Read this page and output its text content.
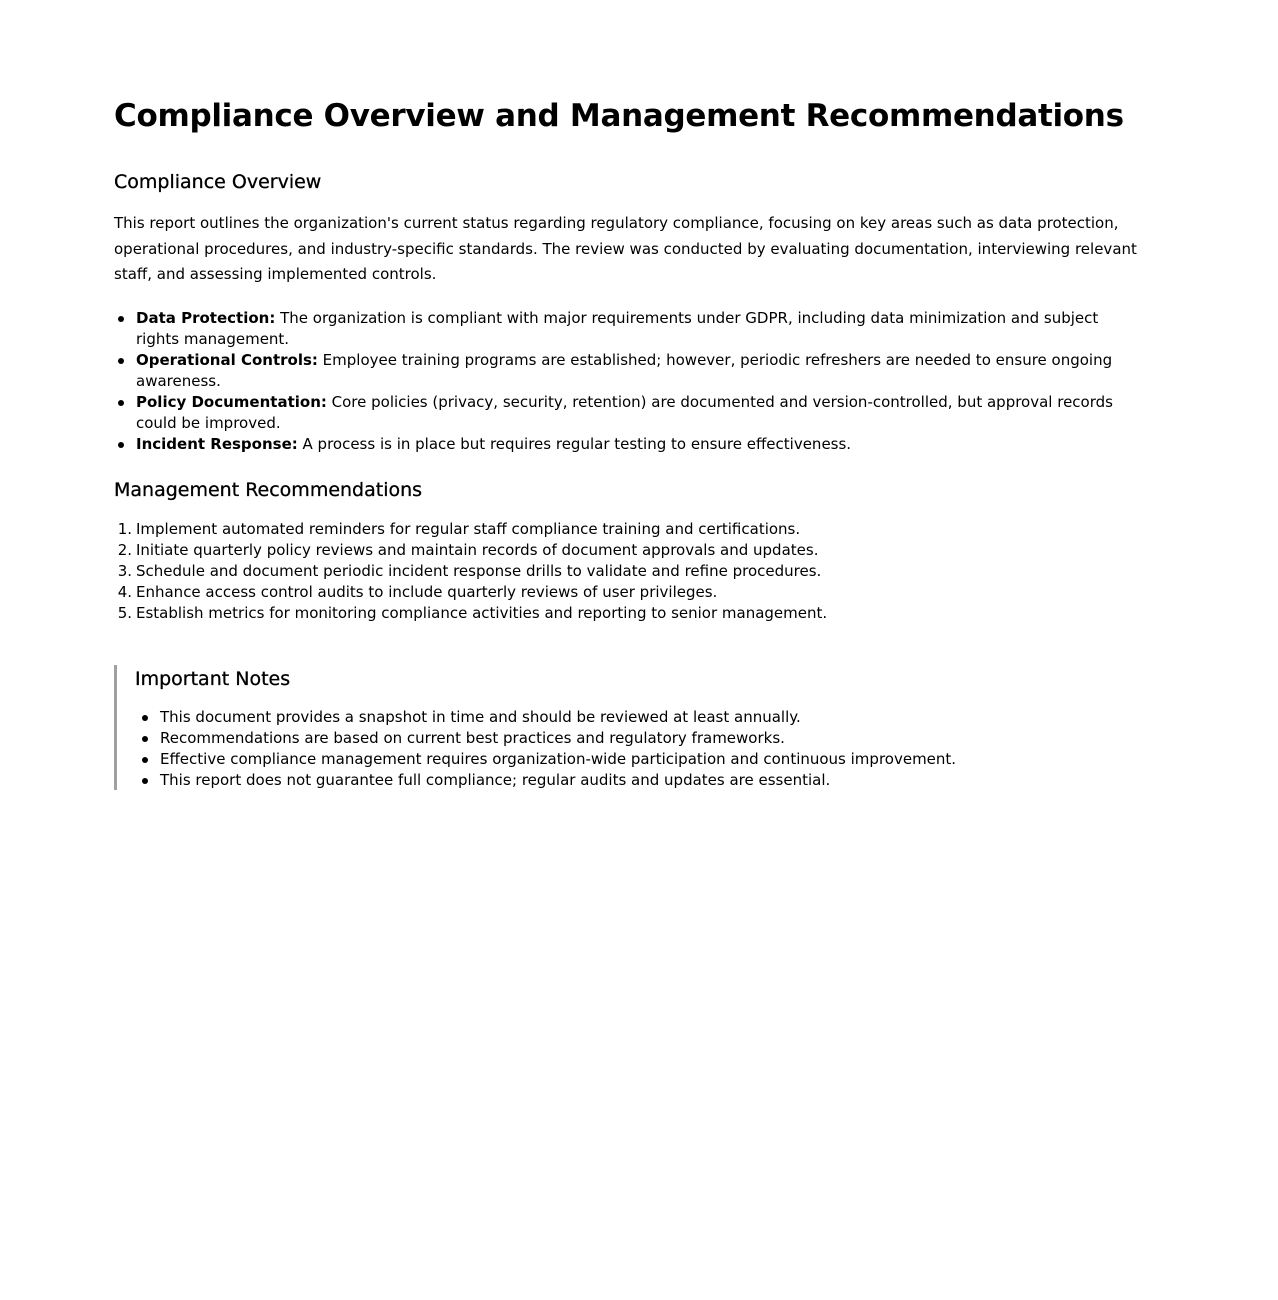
Compliance Overview and Management Recommendations
Compliance Overview

This report outlines the organization's current status regarding regulatory compliance, focusing on key areas such as data protection, operational procedures, and industry-specific standards. The review was conducted by evaluating documentation, interviewing relevant staff, and assessing implemented controls.

Data Protection: The organization is compliant with major requirements under GDPR, including data minimization and subject rights management.
Operational Controls: Employee training programs are established; however, periodic refreshers are needed to ensure ongoing awareness.
Policy Documentation: Core policies (privacy, security, retention) are documented and version-controlled, but approval records could be improved.
Incident Response: A process is in place but requires regular testing to ensure effectiveness.
Management Recommendations
1. Implement automated reminders for regular staff compliance training and certifications.
2. Initiate quarterly policy reviews and maintain records of document approvals and updates.
3. Schedule and document periodic incident response drills to validate and refine procedures.
4. Enhance access control audits to include quarterly reviews of user privileges.
5. Establish metrics for monitoring compliance activities and reporting to senior management.
Important Notes
This document provides a snapshot in time and should be reviewed at least annually.
Recommendations are based on current best practices and regulatory frameworks.
Effective compliance management requires organization-wide participation and continuous improvement.
This report does not guarantee full compliance; regular audits and updates are essential.
